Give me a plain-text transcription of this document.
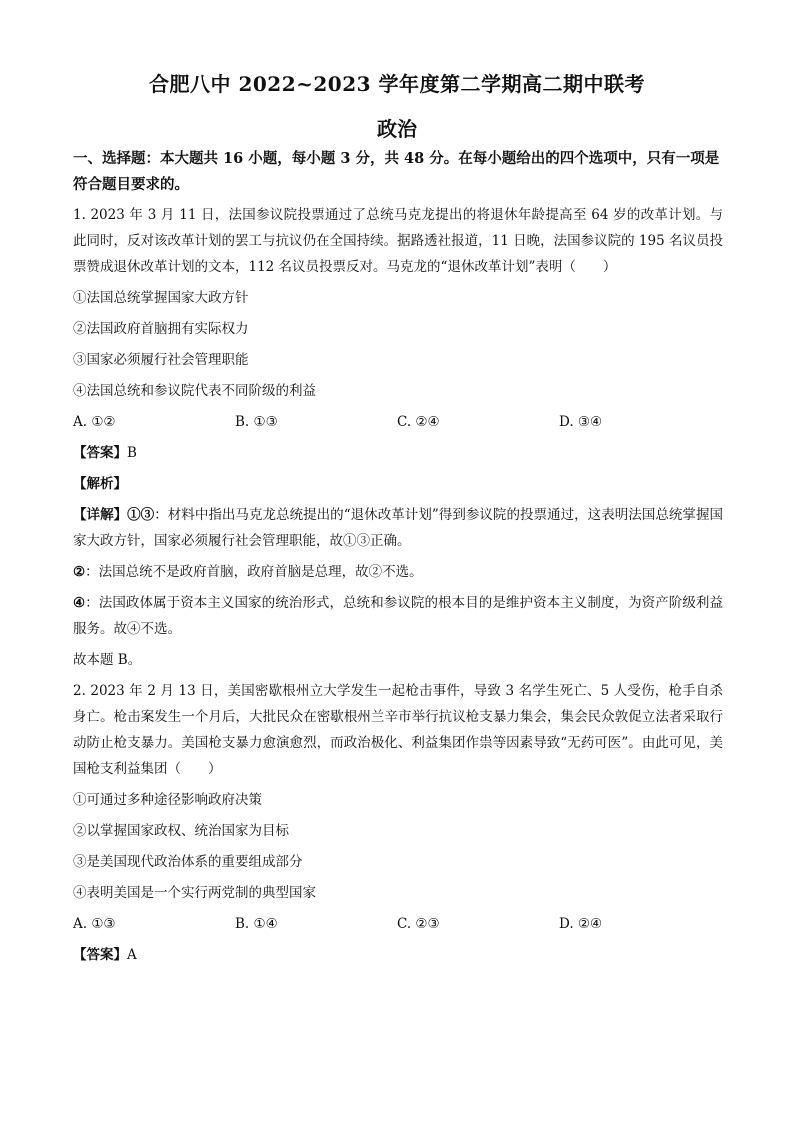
合肥八中 2022~2023 学年度第二学期高二期中联考
政治

一、选择题：本大题共 16 小题，每小题 3 分，共 48 分。在每小题给出的四个选项中，只有一项是符合题目要求的。

1. 2023 年 3 月 11 日，法国参议院投票通过了总统马克龙提出的将退休年龄提高至 64 岁的改革计划。与此同时，反对该改革计划的罢工与抗议仍在全国持续。据路透社报道，11 日晚，法国参议院的 195 名议员投票赞成退休改革计划的文本，112 名议员投票反对。马克龙的“退休改革计划”表明（　　）

①法国总统掌握国家大政方针

②法国政府首脑拥有实际权力

③国家必须履行社会管理职能

④法国总统和参议院代表不同阶级的利益

A. ①②	B. ①③	C. ②④	D. ③④

【答案】B

【解析】

【详解】①③：材料中指出马克龙总统提出的“退休改革计划”得到参议院的投票通过，这表明法国总统掌握国家大政方针，国家必须履行社会管理职能，故①③正确。

②：法国总统不是政府首脑，政府首脑是总理，故②不选。

④：法国政体属于资本主义国家的统治形式，总统和参议院的根本目的是维护资本主义制度，为资产阶级利益服务。故④不选。

故本题 B。

2. 2023 年 2 月 13 日，美国密歇根州立大学发生一起枪击事件，导致 3 名学生死亡、5 人受伤，枪手自杀身亡。枪击案发生一个月后，大批民众在密歇根州兰辛市举行抗议枪支暴力集会，集会民众敦促立法者采取行动防止枪支暴力。美国枪支暴力愈演愈烈，而政治极化、利益集团作祟等因素导致“无药可医”。由此可见，美国枪支利益集团（　　）

①可通过多种途径影响政府决策

②以掌握国家政权、统治国家为目标

③是美国现代政治体系的重要组成部分

④表明美国是一个实行两党制的典型国家

A. ①③	B. ①④	C. ②③	D. ②④

【答案】A
